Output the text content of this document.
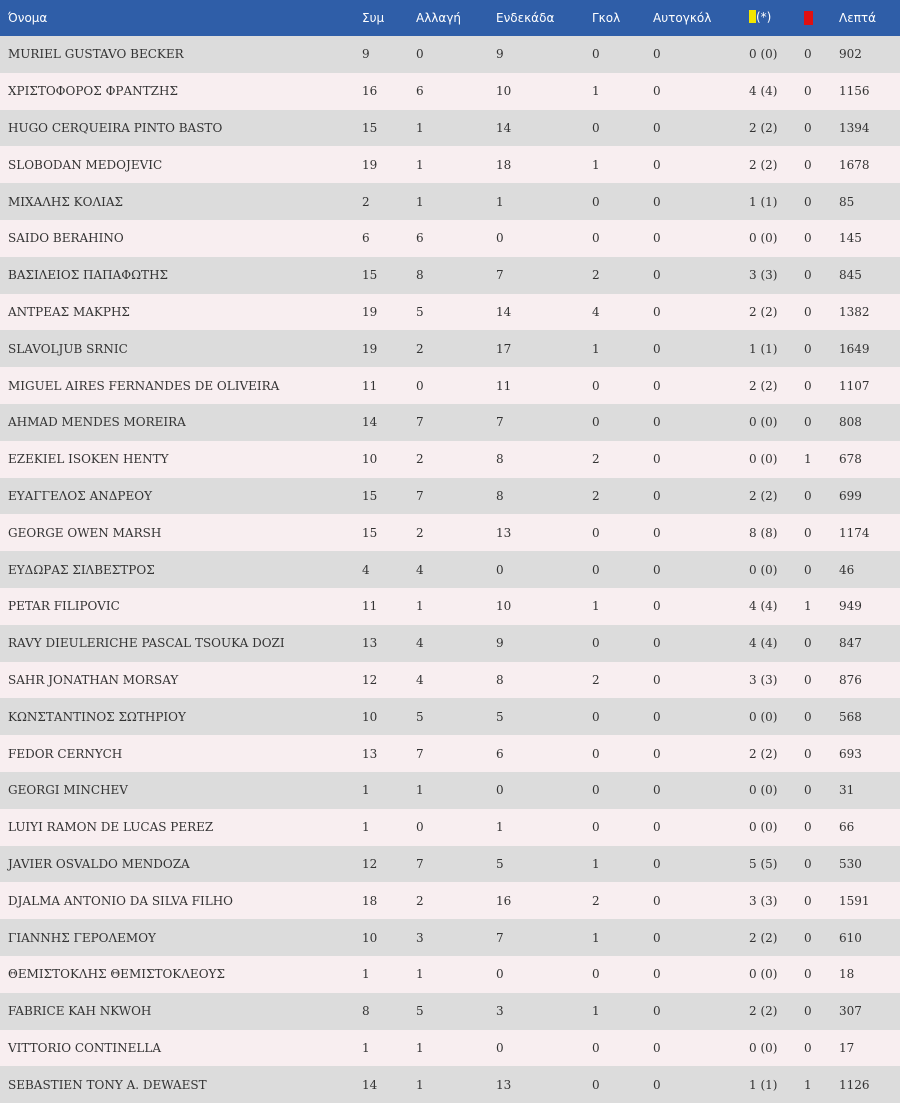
Όνομα	Συμ	Αλλαγή	Ενδεκάδα	Γκολ	Αυτογκόλ	(*)		Λεπτά
MURIEL GUSTAVO BECKER	9	0	9	0	0	0 (0)	0	902
ΧΡΙΣΤΟΦΟΡΟΣ ΦΡΑΝΤΖΗΣ	16	6	10	1	0	4 (4)	0	1156
HUGO CERQUEIRA PINTO BASTO	15	1	14	0	0	2 (2)	0	1394
SLOBODAN MEDOJEVIC	19	1	18	1	0	2 (2)	0	1678
ΜΙΧΑΛΗΣ ΚΟΛΙΑΣ	2	1	1	0	0	1 (1)	0	85
SAIDO BERAHINO	6	6	0	0	0	0 (0)	0	145
ΒΑΣΙΛΕΙΟΣ ΠΑΠΑΦΩΤΗΣ	15	8	7	2	0	3 (3)	0	845
ΑΝΤΡΕΑΣ ΜΑΚΡΗΣ	19	5	14	4	0	2 (2)	0	1382
SLAVOLJUB SRNIC	19	2	17	1	0	1 (1)	0	1649
MIGUEL AIRES FERNANDES DE OLIVEIRA	11	0	11	0	0	2 (2)	0	1107
AHMAD MENDES MOREIRA	14	7	7	0	0	0 (0)	0	808
EZEKIEL ISOKEN HENTY	10	2	8	2	0	0 (0)	1	678
ΕΥΑΓΓΕΛΟΣ ΑΝΔΡΕΟΥ	15	7	8	2	0	2 (2)	0	699
GEORGE OWEN MARSH	15	2	13	0	0	8 (8)	0	1174
ΕΥΔΩΡΑΣ ΣΙΛΒΕΣΤΡΟΣ	4	4	0	0	0	0 (0)	0	46
PETAR FILIPOVIC	11	1	10	1	0	4 (4)	1	949
RAVY DIEULERICHE PASCAL TSOUKA DOZI	13	4	9	0	0	4 (4)	0	847
SAHR JONATHAN MORSAY	12	4	8	2	0	3 (3)	0	876
ΚΩΝΣΤΑΝΤΙΝΟΣ ΣΩΤΗΡΙΟΥ	10	5	5	0	0	0 (0)	0	568
FEDOR CERNYCH	13	7	6	0	0	2 (2)	0	693
GEORGI MINCHEV	1	1	0	0	0	0 (0)	0	31
LUIYI RAMON DE LUCAS PEREZ	1	0	1	0	0	0 (0)	0	66
JAVIER OSVALDO MENDOZA	12	7	5	1	0	5 (5)	0	530
DJALMA ANTONIO DA SILVA FILHO	18	2	16	2	0	3 (3)	0	1591
ΓΙΑΝΝΗΣ ΓΕΡΟΛΕΜΟΥ	10	3	7	1	0	2 (2)	0	610
ΘΕΜΙΣΤΟΚΛΗΣ ΘΕΜΙΣΤΟΚΛΕΟΥΣ	1	1	0	0	0	0 (0)	0	18
FABRICE KAH NKWOH	8	5	3	1	0	2 (2)	0	307
VITTORIO CONTINELLA	1	1	0	0	0	0 (0)	0	17
SEBASTIEN TONY A. DEWAEST	14	1	13	0	0	1 (1)	1	1126
